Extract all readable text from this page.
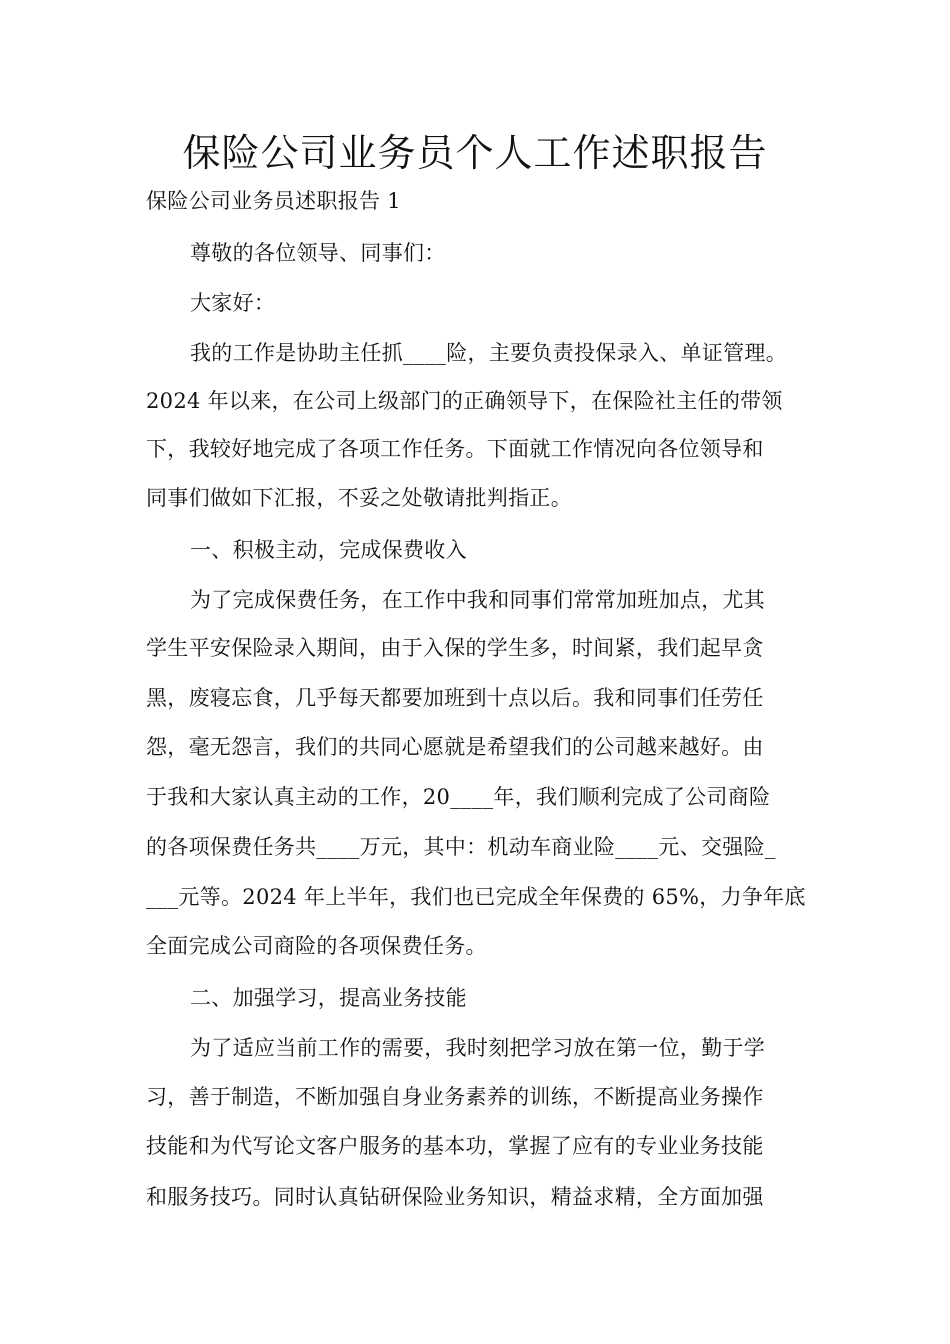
保险公司业务员个人工作述职报告
保险公司业务员述职报告 1
尊敬的各位领导、同事们：
大家好：
我的工作是协助主任抓____险，主要负责投保录入、单证管理。
2024 年以来，在公司上级部门的正确领导下，在保险社主任的带领
下，我较好地完成了各项工作任务。下面就工作情况向各位领导和
同事们做如下汇报，不妥之处敬请批判指正。
一、积极主动，完成保费收入
为了完成保费任务，在工作中我和同事们常常加班加点，尤其
学生平安保险录入期间，由于入保的学生多，时间紧，我们起早贪
黑，废寝忘食，几乎每天都要加班到十点以后。我和同事们任劳任
怨，毫无怨言，我们的共同心愿就是希望我们的公司越来越好。由
于我和大家认真主动的工作，20____年，我们顺利完成了公司商险
的各项保费任务共____万元，其中：机动车商业险____元、交强险_
___元等。2024 年上半年，我们也已完成全年保费的 65%，力争年底
全面完成公司商险的各项保费任务。
二、加强学习，提高业务技能
为了适应当前工作的需要，我时刻把学习放在第一位，勤于学
习，善于制造，不断加强自身业务素养的训练，不断提高业务操作
技能和为代写论文客户服务的基本功，掌握了应有的专业业务技能
和服务技巧。同时认真钻研保险业务知识，精益求精，全方面加强
